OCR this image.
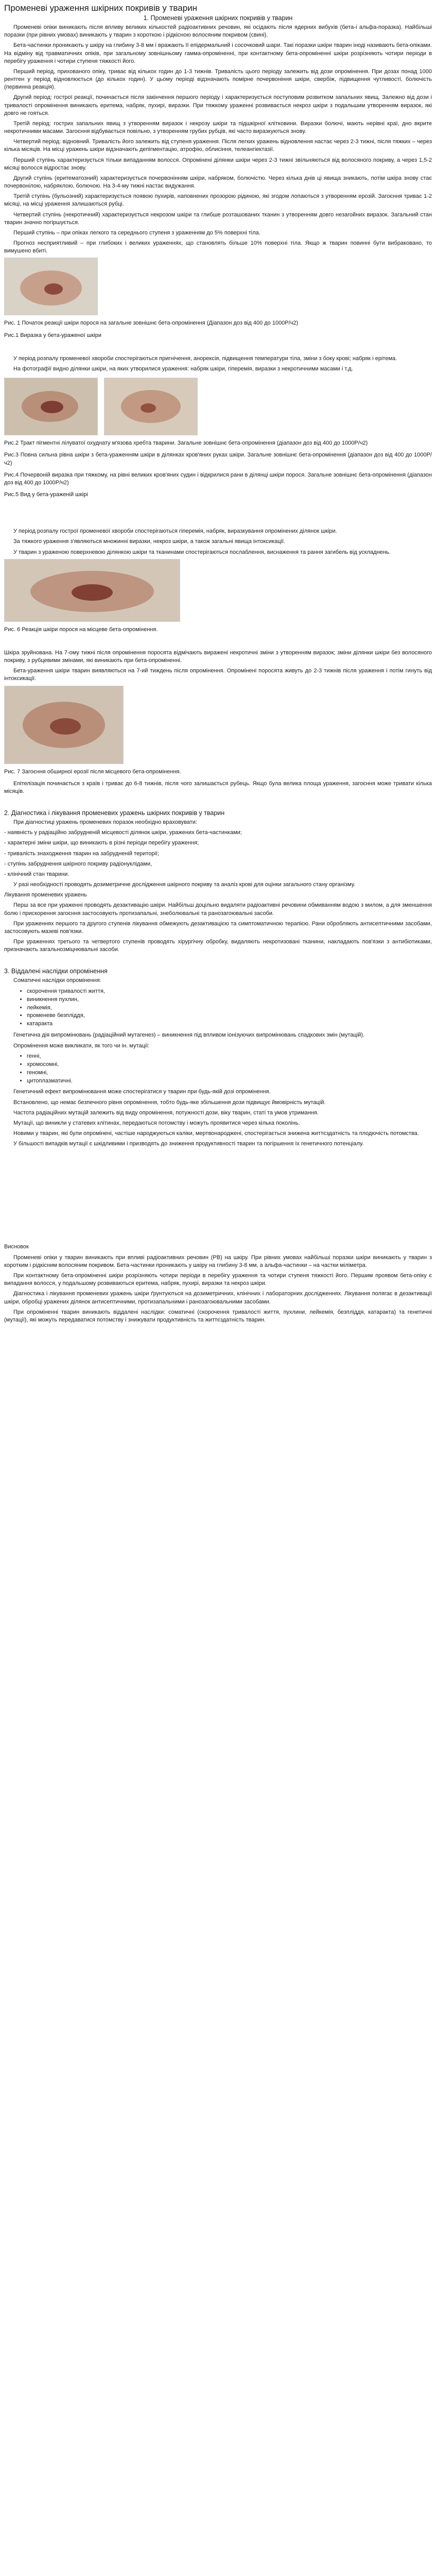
Променеві ураження шкірних покривів у тварин
1. Променеві ураження шкірних покривів у тварин

Променеві опіки виникають після впливу великих кількостей радіоактивних речовин, які осідають після ядерних вибухів (бета-і альфа-поразка). Найбільші поразки (при рівних умовах) виникають у тварин з короткою і рідкісною волосяним покривом (свині).

Бета-частинки проникають у шкіру на глибину 3-8 мм і вражають її епідермальний і сосочковий шари. Такі поразки шкіри тварин іноді називають бета-опіками. На відміну від травматичних опіків, при загальному зовнішньому гамма-опроміненні, при контактному бета-опроміненні шкіри розрізняють чотири періоди в перебігу ураження і чотири ступеня тяжкості його.

Перший період, прихованого опіку, триває від кількох годин до 1-3 тижнів. Тривалість цього періоду залежить від дози опромінення. При дозах понад 1000 рентген у період відновлюється (до кількох годин). У цьому періоді відзначають помірне почервоніння шкіри, свербіж, підвищення чутливості, болючість (первинна реакція).

Другий період: гострої реакції, починається після закінчення першого періоду і характеризується поступовим розвитком запальних явищ. Залежно від дози і тривалості опромінення виникають еритема, набряк, пухирі, виразки. При тяжкому ураженні розвивається некроз шкіри з подальшим утворенням виразок, які довго не гояться.

Третій період: гострих запальних явищ з утворенням виразок і некрозу шкіри та підшкірної клітковини. Виразки болючі, мають нерівні краї, дно вкрите некротичними масами. Загоєння відбувається повільно, з утворенням грубих рубців, які часто виразкуються знову.

Четвертий період: відновний. Тривалість його залежить від ступеня ураження. Після легких уражень відновлення настає через 2-3 тижні, після тяжких – через кілька місяців. На місці уражень шкіри відзначають депігментацію, атрофію, облисіння, телеангіектазії.

Перший ступінь характеризується тільки випаданням волосся. Опромінені ділянки шкіри через 2-3 тижні звільняються від волосяного покриву, а через 1,5-2 місяці волосся відростає знову.

Другий ступінь (еритематозний) характеризується почервонінням шкіри, набряком, болючістю. Через кілька днів ці явища зникають, потім шкіра знову стає почервонілою, набряклою, болючою. На 3-4-му тижні настає видужання.

Третій ступінь (бульозний) характеризується появою пухирів, наповнених прозорою рідиною, які згодом лопаються з утворенням ерозій. Загоєння триває 1-2 місяці, на місці ураження залишаються рубці.

Четвертий ступінь (некротичний) характеризується некрозом шкіри та глибше розташованих тканин з утворенням довго незагойних виразок. Загальний стан тварин значно погіршується.

Перший ступінь – при опіках легкого та середнього ступеня з ураженням до 5% поверхні тіла.

Прогноз несприятливий – при глибоких і великих ураженнях, що становлять більше 10% поверхні тіла. Якщо ж тварин повинні бути вибраковано, то вимушено вбиті.

Рис. 1 Початок реакції шкіри порося на загальне зовнішнє бета-опромінення (Діапазон доз від 400 до 1000Р/ч2)

Рис.1 Виразка у бета-ураженої шкіри

У період розпалу променевої хвороби спостерігаються пригнічення, анорексія, підвищення температури тіла, зміни з боку крові; набряк і ерітема.

На фотографії видно ділянки шкіри, на яких утворилися ураження: набряк шкіри, гіперемія, виразки з некротичними масами і т.д.

Рис.2 Тракт пігментні лілуватої охуднату м'язова хребта тварини. Загальне зовнішнє бета-опромінення (діапазон доз від 400 до 1000Р/ч2)

Рис.3 Повна сильна рівна шкіри з бета-ураженням шкіри в ділянках кров'яних руках шкіри. Загальне зовнішнє бета-опромінення (діапазон доз від 400 до 1000Р/ч2)

Рис.4 Почервоній виразка при тяжкому, на рівні великих кров'яних судин і відкрилися рани в ділянці шкіри порося. Загальне зовнішнє бета-опромінення (діапазон доз від 400 до 1000Р/ч2)

Рис.5 Вид у бета-ураженій шкірі

У період розпалу гострої променевої хвороби спостерігаються гіперемія, набряк, виразкування опромінених ділянок шкіри.

За тяжкого ураження з'являються множинні виразки, некроз шкіри, а також загальні явища інтоксикації.

У тварин з ураженою поверхневою ділянкою шкіри та тканинами спостерігаються послаблення, виснаження та рання загибель від ускладнень.

Рис. 6 Реакція шкіри порося на місцеве бета-опромінення.

Шкіра зруйнована. На 7-ому тижні після опромінення поросята відмічають виражені некротичні зміни з утворенням виразок; зміни ділянки шкіри без волосяного покриву, з рубцевими змінами, які виникають при бета-опроміненні.

Бета-ураження шкіри тварин виявляються на 7-ий тиждень після опромінення. Опромінені поросята живуть до 2-3 тижнів після ураження і потім гинуть від інтоксикації.

Рис. 7 Загоєння обширної ерозії після місцевого бета-опромінення.

Епітелізація починається з країв і триває до 6-8 тижнів, після чого залишається рубець. Якщо була велика площа ураження, загоєння може тривати кілька місяців.

2. Діагностика і лікування променевих уражень шкірних покривів у тварин

При діагностиці уражень променевих поразок необхідно враховувати:

- наявність у радіаційно забрудненій місцевості ділянок шкіри, уражених бета-частинками;

- характерні зміни шкіри, що виникають в різні періоди перебігу ураження;

- тривалість знаходження тварин на забрудненій території;

- ступінь забруднення шкірного покриву радіонуклідами,

- клінічний стан тварини.

У разі необхідності проводять дозиметричне дослідження шкірного покриву та аналіз крові для оцінки загального стану організму.

Лікування променевих уражень

Перш за все при ураженні проводять дезактивацію шкіри. Найбільш доцільно видаляти радіоактивні речовини обмиванням водою з милом, а для зменшення болю і прискорення загоєння застосовують протизапальні, знеболювальні та ранозагоювальні засоби.

При ураженнях першого та другого ступенів лікування обмежують дезактивацією та симптоматичною терапією. Рани обробляють антисептичними засобами, застосовують мазеві пов'язки.

При ураженнях третього та четвертого ступенів проводять хірургічну обробку, видаляють некротизовані тканини, накладають пов'язки з антибіотиками, призначають загальнозміцнювальні засоби.

3. Віддалені наслідки опромінення

Соматичні наслідки опромінення:

• скорочення тривалості життя,
• виникнення пухлин,
• лейкемія,
• променеве безпліддя,
• катаракта

Генетична дія випромінювань (радіаційний мутагенез) – виникнення під впливом іонізуючих випромінювань спадкових змін (мутацій).

Опромінення може викликати, як того чи ін. мутації:

• генні,
• хромосомні,
• геномні,
• цитоплазматичні.

Генетичний ефект випромінювання може спостерігатися у тварин при будь-якій дозі опромінення.

Встановлено, що немає безпечного рівня опромінення, тобто будь-яке збільшення дози підвищує ймовірність мутацій.

Частота радіаційних мутацій залежить від виду опромінення, потужності дози, віку тварин, статі та умов утримання.

Мутації, що виникли у статевих клітинах, передаються потомству і можуть проявитися через кілька поколінь.

Новими у тварин, які були опромінені, частіше народжуються каліки, мертвонароджені, спостерігається знижена життєздатність та плодючість потомства.

У більшості випадків мутації є шкідливими і призводять до зниження продуктивності тварин та погіршення їх генетичного потенціалу.

Висновок

Променеві опіки у тварин виникають при впливі радіоактивних речовин (РВ) на шкіру. При рівних умовах найбільші поразки шкіри виникають у тварин з коротким і рідкісним волосяним покривом. Бета-частинки проникають у шкіру на глибину 3-8 мм, а альфа-частинки – на частки міліметра.

При контактному бета-опроміненні шкіри розрізняють чотири періоди в перебігу ураження та чотири ступеня тяжкості його. Першим проявом бета-опіку є випадання волосся, у подальшому розвиваються еритема, набряк, пухирі, виразки та некроз шкіри.

Діагностика і лікування променевих уражень шкіри ґрунтуються на дозиметричних, клінічних і лабораторних дослідженнях. Лікування полягає в дезактивації шкіри, обробці уражених ділянок антисептичними, протизапальними і ранозагоювальними засобами.

При опроміненні тварин виникають віддалені наслідки: соматичні (скорочення тривалості життя, пухлини, лейкемія, безпліддя, катаракта) та генетичні (мутації), які можуть передаватися потомству і знижувати продуктивність та життєздатність тварин.
